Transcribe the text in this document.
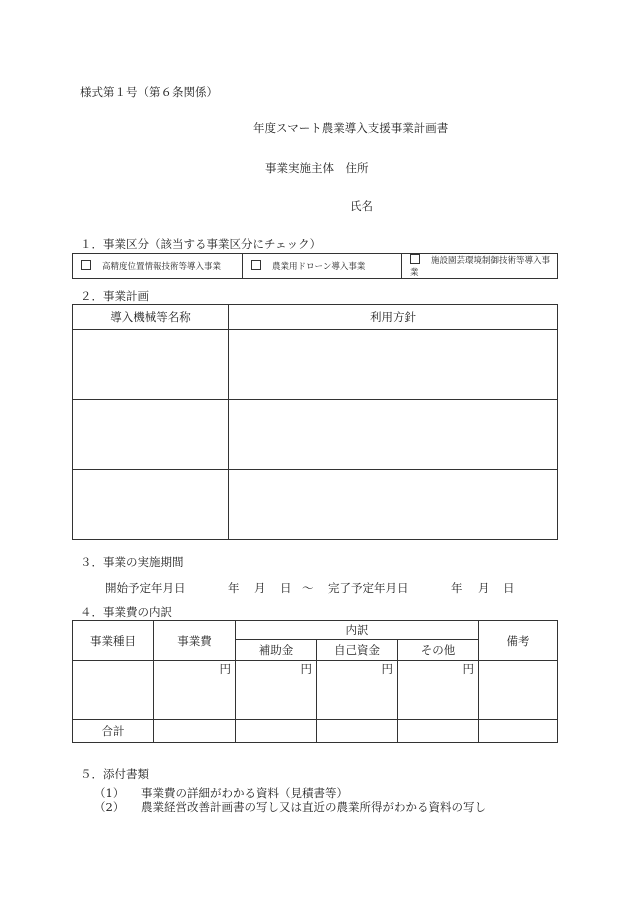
様式第１号（第６条関係）
年度スマート農業導入支援事業計画書
事業実施主体　住所
氏名
１．事業区分（該当する事業区分にチェック）
高精度位置情報技術等導入事業	農業用ドローン導入事業	施設園芸環境制御技術等導入事業
２．事業計画
導入機械等名称	利用方針

３．事業の実施期間
開始予定年月日	年 月 日 ～ 完了予定年月日	年 月 日
４．事業費の内訳
事業種目	事業費	内訳			備考
		補助金	自己資金	その他	
	円	円	円	円	
合計					
５．添付書類
（1） 事業費の詳細がわかる資料（見積書等）
（2） 農業経営改善計画書の写し又は直近の農業所得がわかる資料の写し
